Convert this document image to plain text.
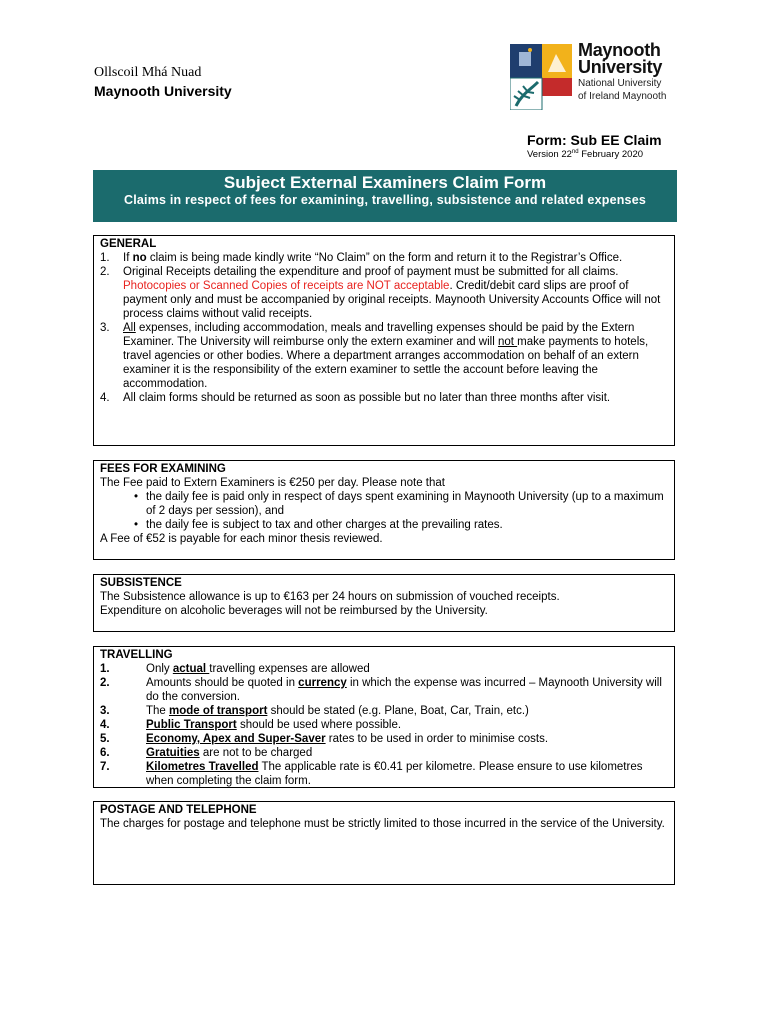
Ollscoil Mhá Nuad
Maynooth University
Maynooth
University
National University
of Ireland Maynooth
Form: Sub EE Claim
Version 22nd February 2020
Subject External Examiners Claim Form
Claims in respect of fees for examining, travelling, subsistence and related expenses
GENERAL
1.	If no claim is being made kindly write “No Claim” on the form and return it to the Registrar’s Office.
2.	Original Receipts detailing the expenditure and proof of payment must be submitted for all claims. Photocopies or Scanned Copies of receipts are NOT acceptable. Credit/debit card slips are proof of payment only and must be accompanied by original receipts. Maynooth University Accounts Office will not process claims without valid receipts.
3.	All expenses, including accommodation, meals and travelling expenses should be paid by the Extern Examiner. The University will reimburse only the extern examiner and will not make payments to hotels, travel agencies or other bodies. Where a department arranges accommodation on behalf of an extern examiner it is the responsibility of the extern examiner to settle the account before leaving the accommodation.
4.	All claim forms should be returned as soon as possible but no later than three months after visit.
FEES FOR EXAMINING
The Fee paid to Extern Examiners is €250 per day. Please note that
• the daily fee is paid only in respect of days spent examining in Maynooth University (up to a maximum of 2 days per session), and
• the daily fee is subject to tax and other charges at the prevailing rates.
A Fee of €52 is payable for each minor thesis reviewed.
SUBSISTENCE
The Subsistence allowance is up to €163 per 24 hours on submission of vouched receipts.
Expenditure on alcoholic beverages will not be reimbursed by the University.
TRAVELLING
1.	Only actual travelling expenses are allowed
2.	Amounts should be quoted in currency in which the expense was incurred – Maynooth University will do the conversion.
3.	The mode of transport should be stated (e.g. Plane, Boat, Car, Train, etc.)
4.	Public Transport should be used where possible.
5.	Economy, Apex and Super-Saver rates to be used in order to minimise costs.
6.	Gratuities are not to be charged
7.	Kilometres Travelled The applicable rate is €0.41 per kilometre. Please ensure to use kilometres when completing the claim form.
POSTAGE AND TELEPHONE
The charges for postage and telephone must be strictly limited to those incurred in the service of the University.
